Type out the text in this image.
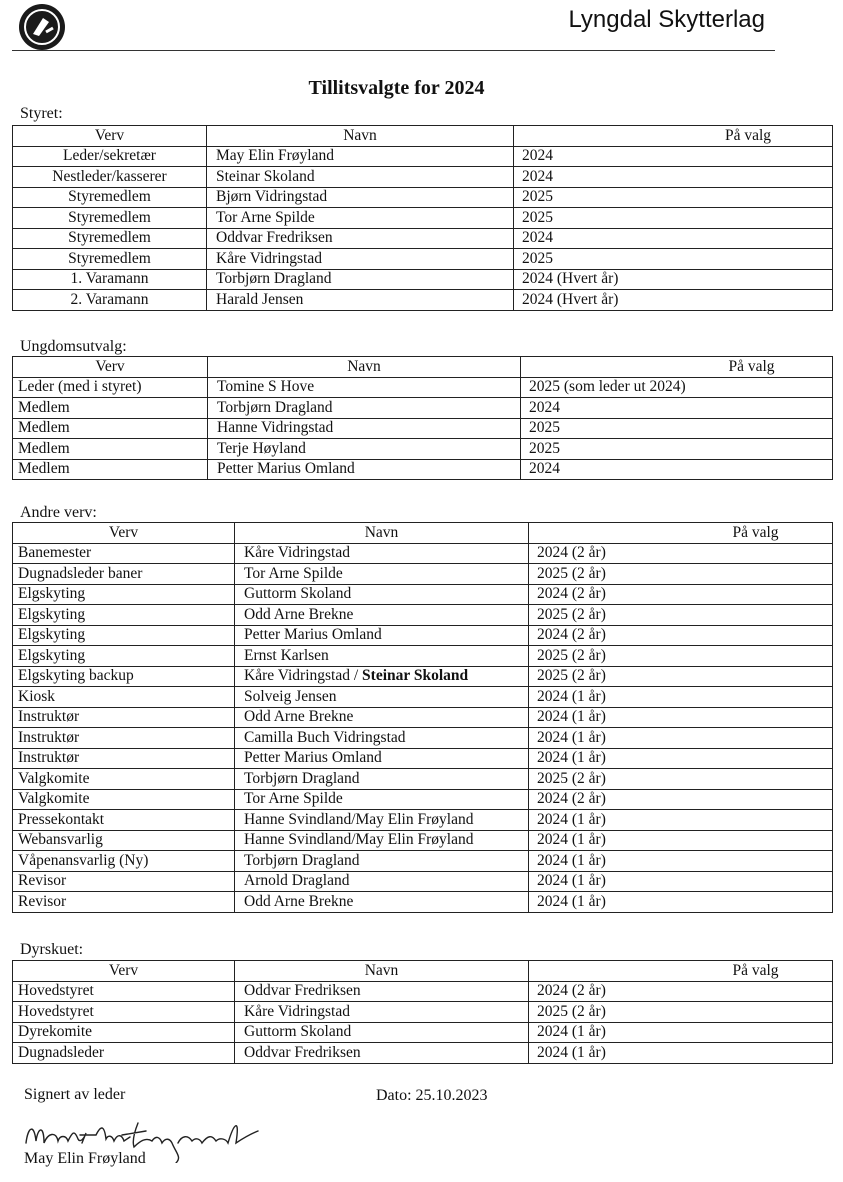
Lyngdal Skytterlag
Tillitsvalgte for 2024
Styret:
Verv	Navn	På valg
Leder/sekretær	May Elin Frøyland	2024
Nestleder/kasserer	Steinar Skoland	2024
Styremedlem	Bjørn Vidringstad	2025
Styremedlem	Tor Arne Spilde	2025
Styremedlem	Oddvar Fredriksen	2024
Styremedlem	Kåre Vidringstad	2025
1. Varamann	Torbjørn Dragland	2024 (Hvert år)
2. Varamann	Harald Jensen	2024 (Hvert år)
Ungdomsutvalg:
Verv	Navn	På valg
Leder (med i styret)	Tomine S Hove	2025 (som leder ut 2024)
Medlem	Torbjørn Dragland	2024
Medlem	Hanne Vidringstad	2025
Medlem	Terje Høyland	2025
Medlem	Petter Marius Omland	2024
Andre verv:
Verv	Navn	På valg
Banemester	Kåre Vidringstad	2024 (2 år)
Dugnadsleder baner	Tor Arne Spilde	2025 (2 år)
Elgskyting	Guttorm Skoland	2024 (2 år)
Elgskyting	Odd Arne Brekne	2025 (2 år)
Elgskyting	Petter Marius Omland	2024 (2 år)
Elgskyting	Ernst Karlsen	2025 (2 år)
Elgskyting backup	Kåre Vidringstad / Steinar Skoland	2025 (2 år)
Kiosk	Solveig Jensen	2024 (1 år)
Instruktør	Odd Arne Brekne	2024 (1 år)
Instruktør	Camilla Buch Vidringstad	2024 (1 år)
Instruktør	Petter Marius Omland	2024 (1 år)
Valgkomite	Torbjørn Dragland	2025 (2 år)
Valgkomite	Tor Arne Spilde	2024 (2 år)
Pressekontakt	Hanne Svindland/May Elin Frøyland	2024 (1 år)
Webansvarlig	Hanne Svindland/May Elin Frøyland	2024 (1 år)
Våpenansvarlig (Ny)	Torbjørn Dragland	2024 (1 år)
Revisor	Arnold Dragland	2024 (1 år)
Revisor	Odd Arne Brekne	2024 (1 år)
Dyrskuet:
Verv	Navn	På valg
Hovedstyret	Oddvar Fredriksen	2024 (2 år)
Hovedstyret	Kåre Vidringstad	2025 (2 år)
Dyrekomite	Guttorm Skoland	2024 (1 år)
Dugnadsleder	Oddvar Fredriksen	2024 (1 år)
Signert av leder	Dato: 25.10.2023
May Elin Frøyland
